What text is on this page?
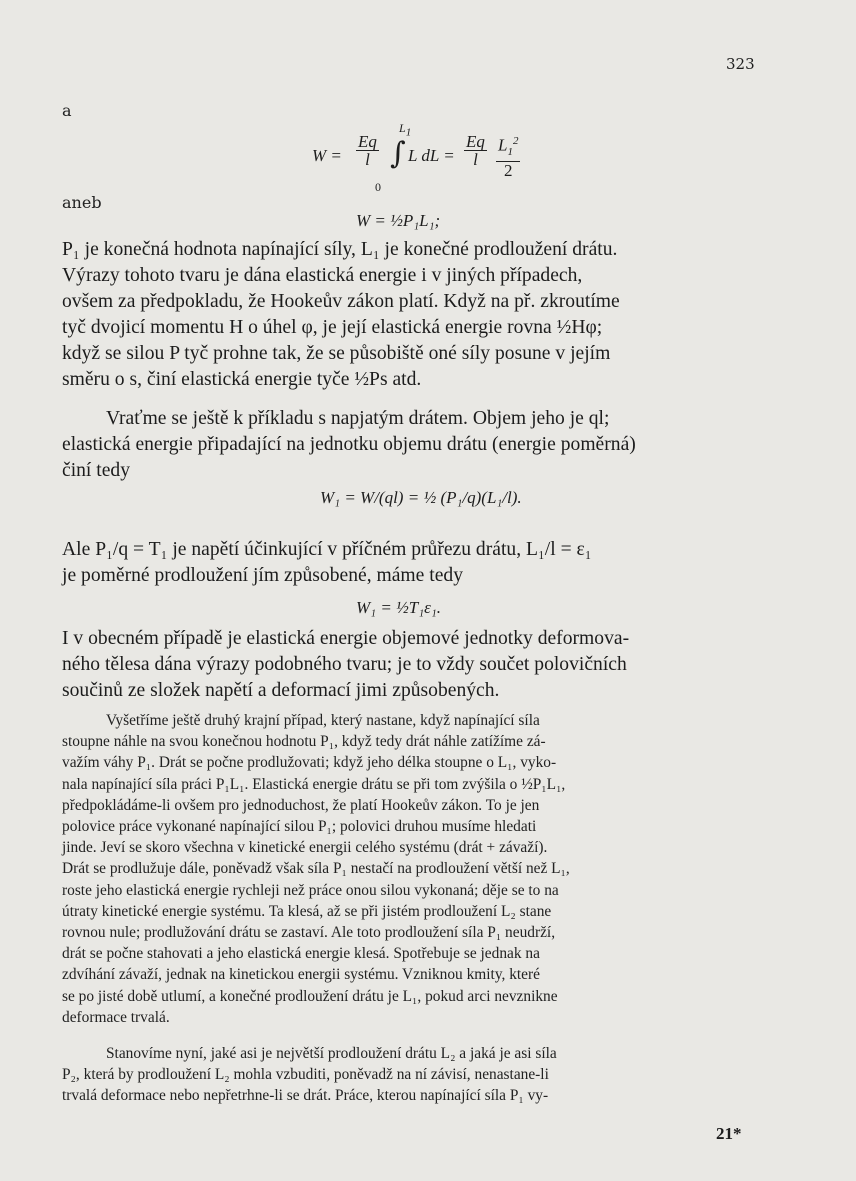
323
a
$W = \frac{Eq}{l}$ ∫
$L_1$
0
L dL = $\frac{Eq}{l} \frac{L_1^2}{2}$
aneb
W = ½P₁L₁;
P₁ je konečná hodnota napínající síly, L₁ je konečné prodloužení drátu.
Výrazy tohoto tvaru je dána elastická energie i v jiných případech,
ovšem za předpokladu, že Hookeův zákon platí. Když na př. zkroutíme
tyč dvojicí momentu H o úhel φ, je její elastická energie rovna ½Hφ;
když se silou P tyč prohne tak, že se působiště oné síly posune v jejím
směru o s, činí elastická energie tyče ½Ps atd.
Vraťme se ještě k příkladu s napjatým drátem. Objem jeho je ql;
elastická energie připadající na jednotku objemu drátu (energie poměrná)
činí tedy
W₁ = W/(ql) = ½ (P₁/q)(L₁/l).
Ale P₁/q = T₁ je napětí účinkující v příčném průřezu drátu, L₁/l = ε₁
je poměrné prodloužení jím způsobené, máme tedy
W₁ = ½T₁ε₁.
I v obecném případě je elastická energie objemové jednotky deformova-
ného tělesa dána výrazy podobného tvaru; je to vždy součet polovičních
součinů ze složek napětí a deformací jimi způsobených.
Vyšetříme ještě druhý krajní případ, který nastane, když napínající síla
stoupne náhle na svou konečnou hodnotu P₁, když tedy drát náhle zatížíme zá-
važím váhy P₁. Drát se počne prodlužovati; když jeho délka stoupne o L₁, vyko-
nala napínající síla práci P₁L₁. Elastická energie drátu se při tom zvýšila o ½P₁L₁,
předpokládáme-li ovšem pro jednoduchost, že platí Hookeův zákon. To je jen
polovice práce vykonané napínající silou P₁; polovici druhou musíme hledati
jinde. Jeví se skoro všechna v kinetické energii celého systému (drát + závaží).
Drát se prodlužuje dále, poněvadž však síla P₁ nestačí na prodloužení větší než L₁,
roste jeho elastická energie rychleji než práce onou silou vykonaná; děje se to na
útraty kinetické energie systému. Ta klesá, až se při jistém prodloužení L₂ stane
rovnou nule; prodlužování drátu se zastaví. Ale toto prodloužení síla P₁ neudrží,
drát se počne stahovati a jeho elastická energie klesá. Spotřebuje se jednak na
zdvíhání závaží, jednak na kinetickou energii systému. Vzniknou kmity, které
se po jisté době utlumí, a konečné prodloužení drátu je L₁, pokud arci nevznikne
deformace trvalá.
Stanovíme nyní, jaké asi je největší prodloužení drátu L₂ a jaká je asi síla
P₂, která by prodloužení L₂ mohla vzbuditi, poněvadž na ní závisí, nenastane-li
trvalá deformace nebo nepřetrhne-li se drát. Práce, kterou napínající síla P₁ vy-
21*
